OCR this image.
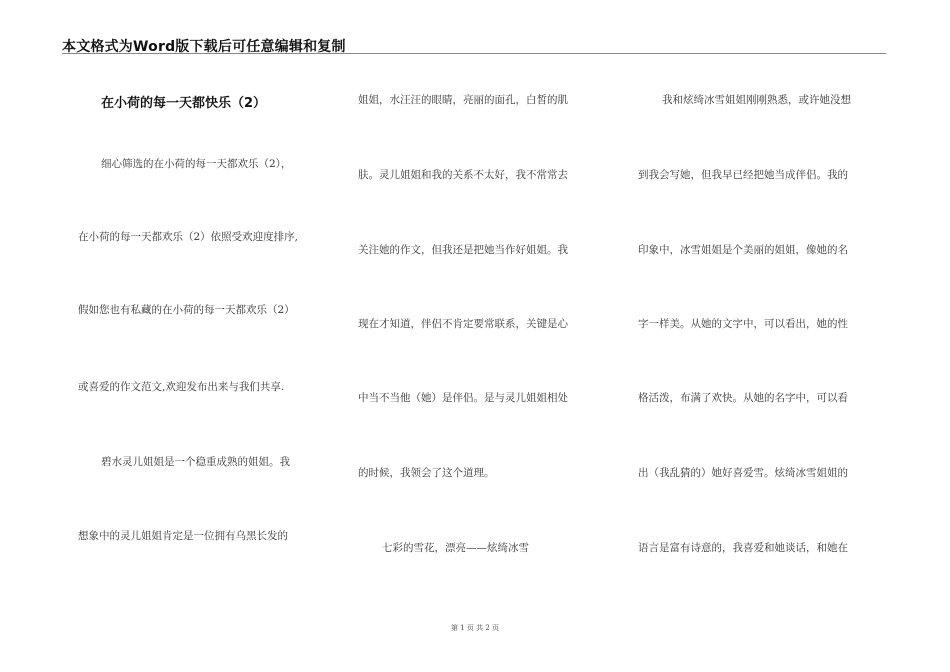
本文格式为Word版下载后可任意编辑和复制
在小荷的每一天都快乐（2）
细心筛选的在小荷的每一天都欢乐（2），
在小荷的每一天都欢乐（2）依照受欢迎度排序,
假如您也有私藏的在小荷的每一天都欢乐（2）
或喜爱的作文范文,欢迎发布出来与我们共享.
碧水灵儿姐姐是一个稳重成熟的姐姐。我
想象中的灵儿姐姐肯定是一位拥有乌黑长发的
姐姐，水汪汪的眼睛，亮丽的面孔，白皙的肌
肤。灵儿姐姐和我的关系不太好，我不常常去
关注她的作文，但我还是把她当作好姐姐。我
现在才知道，伴侣不肯定要常联系，关键是心
中当不当他（她）是伴侣。是与灵儿姐姐相处
的时候，我领会了这个道理。
七彩的雪花，漂亮——炫绮冰雪
我和炫绮冰雪姐姐刚刚熟悉，或许她没想
到我会写她，但我早已经把她当成伴侣。我的
印象中，冰雪姐姐是个美丽的姐姐，像她的名
字一样美。从她的文字中，可以看出，她的性
格活泼，布满了欢快。从她的名字中，可以看
出（我乱猜的）她好喜爱雪。炫绮冰雪姐姐的
语言是富有诗意的，我喜爱和她谈话，和她在
第 1 页 共 2 页
